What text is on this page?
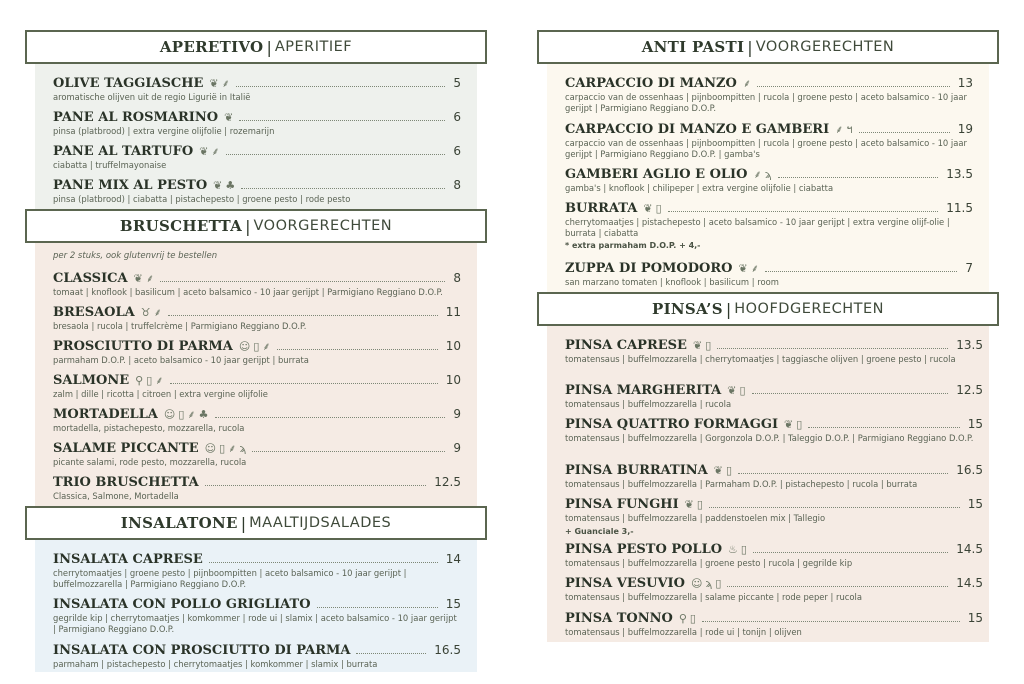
APERETIVO | APERITIEF
BRUSCHETTA | VOORGERECHTEN
per 2 stuks, ook glutenvrij te bestellen
INSALATONE | MAALTIJDSALADES
OLIVE TAGGIASCHE ❦ ⸙	5
aromatische olijven uit de regio Ligurië in Italië
PANE AL ROSMARINO ❦	6
pinsa (platbrood) | extra vergine olijfolie | rozemarijn
PANE AL TARTUFO ❦ ⸙	6
ciabatta | truffelmayonaise
PANE MIX AL PESTO ❦ ♣	8
pinsa (platbrood) | ciabatta | pistachepesto | groene pesto | rode pesto
CLASSICA ❦ ⸙	8
tomaat | knoflook | basilicum | aceto balsamico - 10 jaar gerijpt | Parmigiano Reggiano D.O.P.
BRESAOLA ♉ ⸙	11
bresaola | rucola | truffelcrème | Parmigiano Reggiano D.O.P.
PROSCIUTTO DI PARMA ☺ ▯ ⸙	10
parmaham D.O.P. | aceto balsamico - 10 jaar gerijpt | burrata
SALMONE ⚲ ▯ ⸙	10
zalm | dille | ricotta | citroen | extra vergine olijfolie
MORTADELLA ☺ ▯ ⸙ ♣	9
mortadella, pistachepesto, mozzarella, rucola
SALAME PICCANTE ☺ ▯ ⸙ ϡ	9
picante salami, rode pesto, mozzarella, rucola
TRIO BRUSCHETTA	12.5
Classica, Salmone, Mortadella
INSALATA CAPRESE	14
cherrytomaatjes | groene pesto | pijnboompitten | aceto balsamico - 10 jaar gerijpt | buffelmozzarella | Parmigiano Reggiano D.O.P.
INSALATA CON POLLO GRIGLIATO	15
gegrilde kip | cherrytomaatjes | komkommer | rode ui | slamix | aceto balsamico - 10 jaar gerijpt | Parmigiano Reggiano D.O.P.
INSALATA CON PROSCIUTTO DI PARMA	16.5
parmaham | pistachepesto | cherrytomaatjes | komkommer | slamix | burrata
ANTI PASTI | VOORGERECHTEN
PINSA’S | HOOFDGERECHTEN
CARPACCIO DI MANZO ⸙	13
carpaccio van de ossenhaas | pijnboompitten | rucola | groene pesto | aceto balsamico - 10 jaar gerijpt | Parmigiano Reggiano D.O.P.
CARPACCIO DI MANZO E GAMBERI ⸙ ฯ	19
carpaccio van de ossenhaas | pijnboompitten | rucola | groene pesto | aceto balsamico - 10 jaar gerijpt | Parmigiano Reggiano D.O.P. | gamba's
GAMBERI AGLIO E OLIO ⸙ ϡ	13.5
gamba's | knoflook | chilipeper | extra vergine olijfolie | ciabatta
BURRATA ❦ ▯	11.5
cherrytomaatjes | pistachepesto | aceto balsamico - 10 jaar gerijpt | extra vergine olijf-olie | burrata | ciabatta
* extra parmaham D.O.P. + 4,-
ZUPPA DI POMODORO ❦ ⸙	7
san marzano tomaten | knoflook | basilicum | room
PINSA CAPRESE ❦ ▯	13.5
tomatensaus | buffelmozzarella | cherrytomaatjes | taggiasche olijven | groene pesto | rucola
PINSA MARGHERITA ❦ ▯	12.5
tomatensaus | buffelmozzarella | rucola
PINSA QUATTRO FORMAGGI ❦ ▯	15
tomatensaus | buffelmozzarella | Gorgonzola D.O.P. | Taleggio D.O.P. | Parmigiano Reggiano D.O.P.
PINSA BURRATINA ❦ ▯	16.5
tomatensaus | buffelmozzarella | Parmaham D.O.P. | pistachepesto | rucola | burrata
PINSA FUNGHI ❦ ▯	15
tomatensaus | buffelmozzarella | paddenstoelen mix | Tallegio
+ Guanciale 3,-
PINSA PESTO POLLO ♨ ▯	14.5
tomatensaus | buffelmozzarella | groene pesto | rucola | gegrilde kip
PINSA VESUVIO ☺ ϡ ▯	14.5
tomatensaus | buffelmozzarella | salame piccante | rode peper | rucola
PINSA TONNO ⚲ ▯	15
tomatensaus | buffelmozzarella | rode ui | tonijn | olijven
